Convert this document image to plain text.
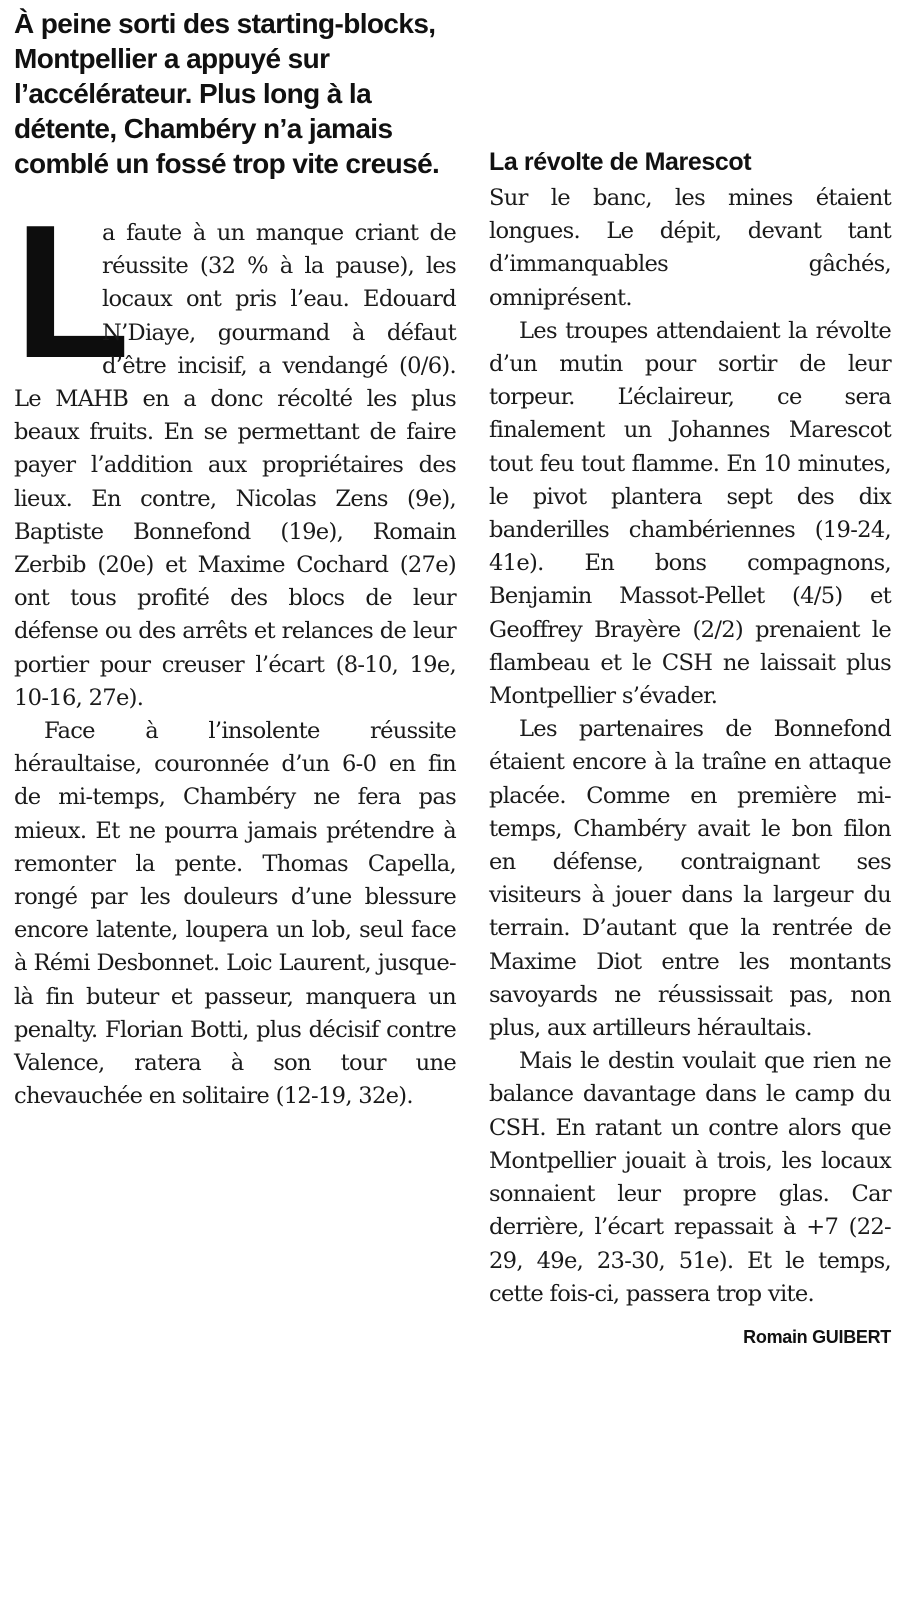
À peine sorti des starting-blocks, Montpellier a appuyé sur l’accélérateur. Plus long à la détente, Chambéry n’a jamais comblé un fossé trop vite creusé.

L
a faute à un manque criant de réussite (32 % à la pause), les locaux ont pris l’eau. Edouard N’Diaye, gourmand à défaut d’être incisif, a vendangé (0/6). Le MAHB en a donc récolté les plus beaux fruits. En se permettant de faire payer l’addition aux propriétaires des lieux. En contre, Nicolas Zens (9e), Baptiste Bonnefond (19e), Romain Zerbib (20e) et Maxime Cochard (27e) ont tous profité des blocs de leur défense ou des arrêts et relances de leur portier pour creuser l’écart (8-10, 19e, 10-16, 27e).

Face à l’insolente réussite héraultaise, couronnée d’un 6-0 en fin de mi-temps, Chambéry ne fera pas mieux. Et ne pourra jamais prétendre à remonter la pente. Thomas Capella, rongé par les douleurs d’une blessure encore latente, loupera un lob, seul face à Rémi Desbonnet. Loic Laurent, jusque-là fin buteur et passeur, manquera un penalty. Florian Botti, plus décisif contre Valence, ratera à son tour une chevauchée en solitaire (12-19, 32e).

La révolte de Marescot

Sur le banc, les mines étaient longues. Le dépit, devant tant d’immanquables gâchés, omniprésent.

Les troupes attendaient la révolte d’un mutin pour sortir de leur torpeur. L’éclaireur, ce sera finalement un Johannes Marescot tout feu tout flamme. En 10 minutes, le pivot plantera sept des dix banderilles chambériennes (19-24, 41e). En bons compagnons, Benjamin Massot-Pellet (4/5) et Geoffrey Brayère (2/2) prenaient le flambeau et le CSH ne laissait plus Montpellier s’évader.

Les partenaires de Bonnefond étaient encore à la traîne en attaque placée. Comme en première mi-temps, Chambéry avait le bon filon en défense, contraignant ses visiteurs à jouer dans la largeur du terrain. D’autant que la rentrée de Maxime Diot entre les montants savoyards ne réussissait pas, non plus, aux artilleurs héraultais.

Mais le destin voulait que rien ne balance davantage dans le camp du CSH. En ratant un contre alors que Montpellier jouait à trois, les locaux sonnaient leur propre glas. Car derrière, l’écart repassait à +7 (22-29, 49e, 23-30, 51e). Et le temps, cette fois-ci, passera trop vite.

Romain GUIBERT
